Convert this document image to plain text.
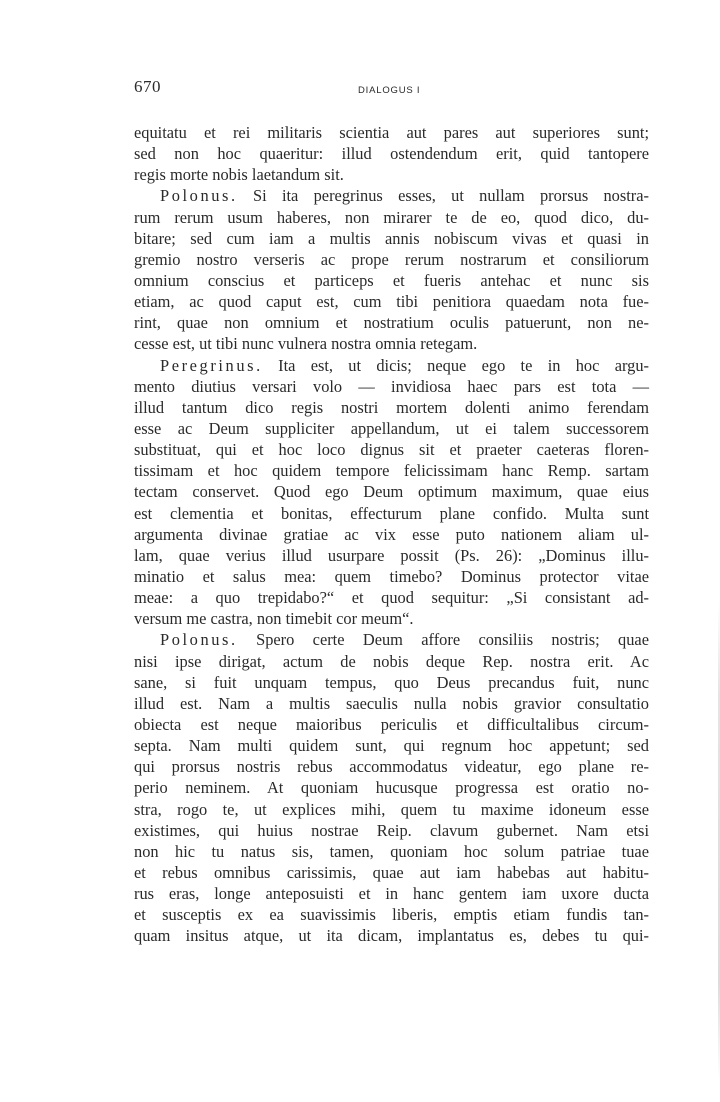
670	DIALOGUS I
equitatu et rei militaris scientia aut pares aut superiores sunt;
sed non hoc quaeritur: illud ostendendum erit, quid tantopere
regis morte nobis laetandum sit.
Polonus. Si ita peregrinus esses, ut nullam prorsus nostra-
rum rerum usum haberes, non mirarer te de eo, quod dico, du-
bitare; sed cum iam a multis annis nobiscum vivas et quasi in
gremio nostro verseris ac prope rerum nostrarum et consiliorum
omnium conscius et particeps et fueris antehac et nunc sis
etiam, ac quod caput est, cum tibi penitiora quaedam nota fue-
rint, quae non omnium et nostratium oculis patuerunt, non ne-
cesse est, ut tibi nunc vulnera nostra omnia retegam.
Peregrinus. Ita est, ut dicis; neque ego te in hoc argu-
mento diutius versari volo — invidiosa haec pars est tota —
illud tantum dico regis nostri mortem dolenti animo ferendam
esse ac Deum suppliciter appellandum, ut ei talem successorem
substituat, qui et hoc loco dignus sit et praeter caeteras floren-
tissimam et hoc quidem tempore felicissimam hanc Remp. sartam
tectam conservet. Quod ego Deum optimum maximum, quae eius
est clementia et bonitas, effecturum plane confido. Multa sunt
argumenta divinae gratiae ac vix esse puto nationem aliam ul-
lam, quae verius illud usurpare possit (Ps. 26): „Dominus illu-
minatio et salus mea: quem timebo? Dominus protector vitae
meae: a quo trepidabo?“ et quod sequitur: „Si consistant ad-
versum me castra, non timebit cor meum“.
Polonus. Spero certe Deum affore consiliis nostris; quae
nisi ipse dirigat, actum de nobis deque Rep. nostra erit. Ac
sane, si fuit unquam tempus, quo Deus precandus fuit, nunc
illud est. Nam a multis saeculis nulla nobis gravior consultatio
obiecta est neque maioribus periculis et difficultalibus circum-
septa. Nam multi quidem sunt, qui regnum hoc appetunt; sed
qui prorsus nostris rebus accommodatus videatur, ego plane re-
perio neminem. At quoniam hucusque progressa est oratio no-
stra, rogo te, ut explices mihi, quem tu maxime idoneum esse
existimes, qui huius nostrae Reip. clavum gubernet. Nam etsi
non hic tu natus sis, tamen, quoniam hoc solum patriae tuae
et rebus omnibus carissimis, quae aut iam habebas aut habitu-
rus eras, longe anteposuisti et in hanc gentem iam uxore ducta
et susceptis ex ea suavissimis liberis, emptis etiam fundis tan-
quam insitus atque, ut ita dicam, implantatus es, debes tu qui-
